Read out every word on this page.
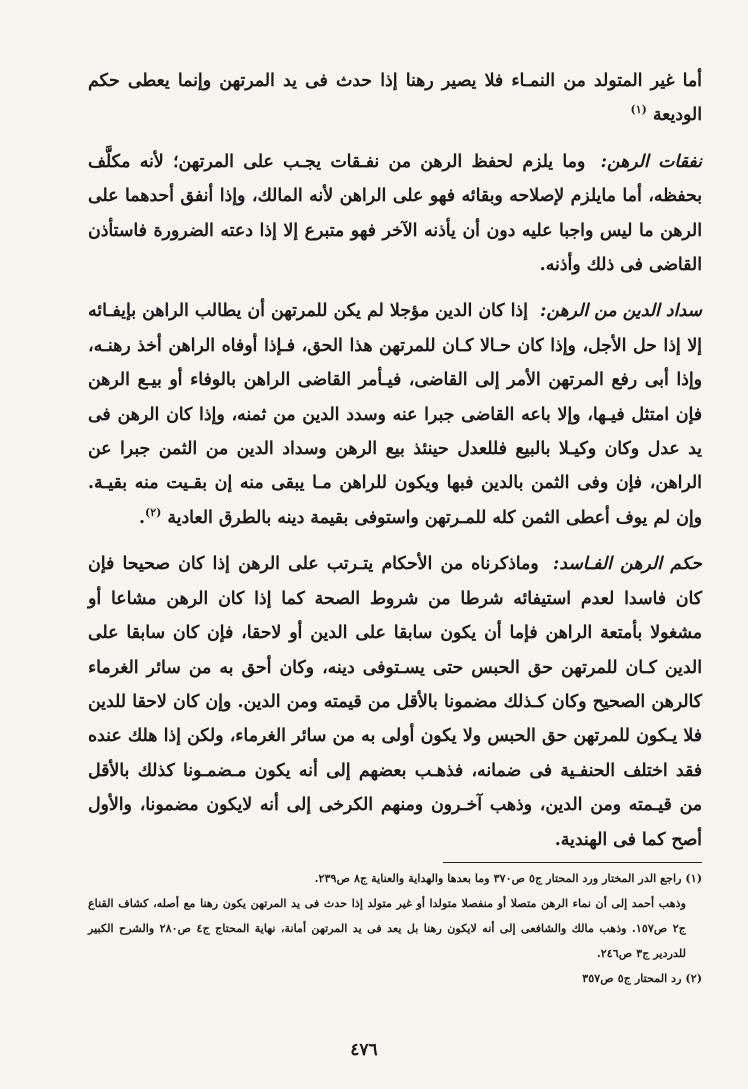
أما غير المتولد من النمـاء فلا يصير رهنا إذا حدث فى يد المرتهن وإنما يعطى حكم الوديعة $^{(١)}$

نفقات الرهن: وما يلزم لحفظ الرهن من نفـقات يجـب على المرتهن؛ لأنه مكلَّف بحفظه، أما مايلزم لإصلاحه وبقائه فهو على الراهن لأنه المالك، وإذا أنفق أحدهما على الرهن ما ليس واجبا عليه دون أن يأذنه الآخر فهو متبرع إلا إذا دعته الضرورة فاستأذن القاضى فى ذلك وأذنه.

سداد الدين من الرهن: إذا كان الدين مؤجلا لم يكن للمرتهن أن يطالب الراهن بإيفـائه إلا إذا حل الأجل، وإذا كان حـالا كـان للمرتهن هذا الحق، فـإذا أوفاه الراهن أخذ رهنـه، وإذا أبى رفع المرتهن الأمر إلى القاضى، فيـأمر القاضى الراهن بالوفاء أو بيـع الرهن فإن امتثل فيـها، وإلا باعه القاضى جبرا عنه وسدد الدين من ثمنه، وإذا كان الرهن فى يد عدل وكان وكيـلا بالبيع فللعدل حينئذ بيع الرهن وسداد الدين من الثمن جبرا عن الراهن، فإن وفى الثمن بالدين فبها ويكون للراهن مـا يبقى منه إن بقـيت منه بقيـة. وإن لم يوف أعطى الثمن كله للمـرتهن واستوفى بقيمة دينه بالطرق العادية $^{(٢)}$.

حكم الرهن الفـاسد: وماذكرناه من الأحكام يتـرتب على الرهن إذا كان صحيحا فإن كان فاسدا لعدم استيفائه شرطا من شروط الصحة كما إذا كان الرهن مشاعا أو مشغولا بأمتعة الراهن فإما أن يكون سابقا على الدين أو لاحقا، فإن كان سابقا على الدين كـان للمرتهن حق الحبس حتى يسـتوفى دينه، وكان أحق به من سائر الغرماء كالرهن الصحيح وكان كـذلك مضمونا بالأقل من قيمته ومن الدين. وإن كان لاحقا للدين فلا يـكون للمرتهن حق الحبس ولا يكون أولى به من سائر الغرماء، ولكن إذا هلك عنده فقد اختلف الحنفـية فى ضمانه، فذهـب بعضهم إلى أنه يكون مـضمـونا كذلك بالأقل من قيـمته ومن الدين، وذهب آخـرون ومنهم الكرخى إلى أنه لايكون مضمونا، والأول أصح كما فى الهندية.

(١) راجع الدر المختار ورد المحتار ج٥ ص٣٧٠ وما بعدها والهداية والعناية ج٨ ص٢٣٩.

وذهب أحمد إلى أن نماء الرهن متصلا أو منفصلا متولدا أو غير متولد إذا حدث فى يد المرتهن يكون رهنا مع أصله، كشاف القناع ج٢ ص١٥٧. وذهب مالك والشافعى إلى أنه لايكون رهنا بل يعد فى يد المرتهن أمانة، نهاية المحتاج ج٤ ص٢٨٠ والشرح الكبير للدردير ج٣ ص٢٤٦.

(٢) رد المحتار ج٥ ص٣٥٧

٤٧٦
